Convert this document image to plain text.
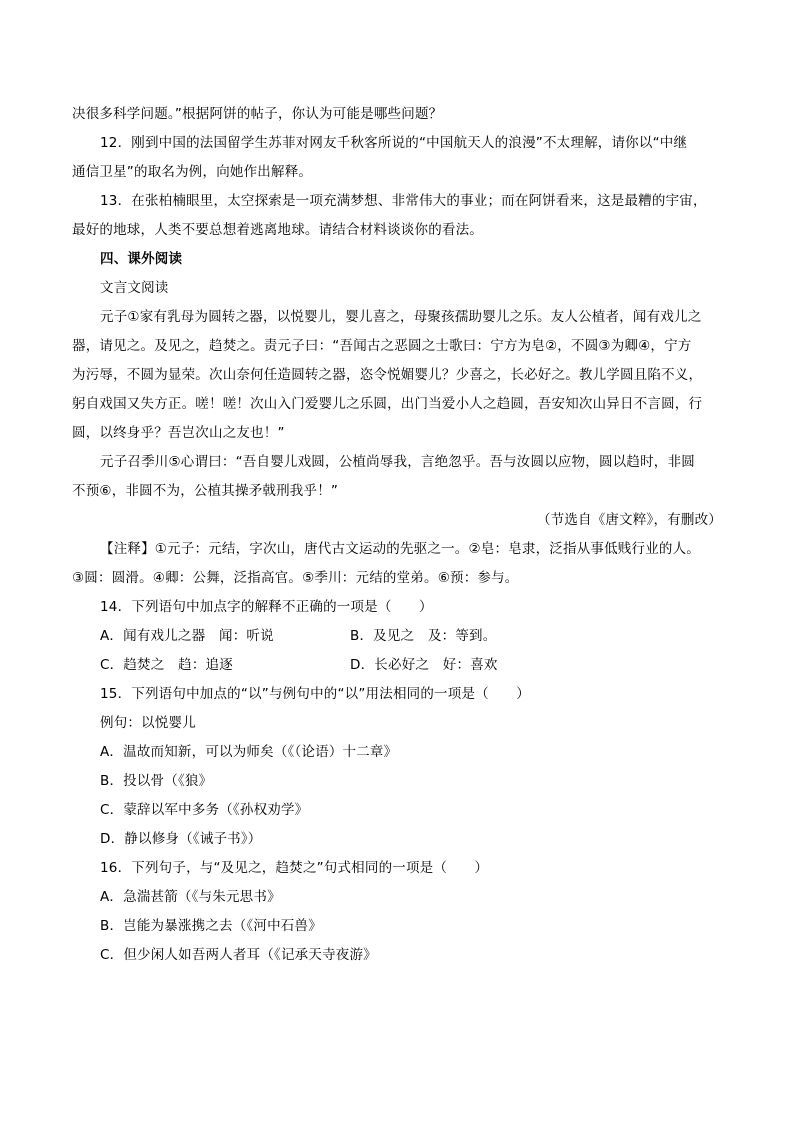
决很多科学问题。”根据阿饼的帖子，你认为可能是哪些问题？
12．刚到中国的法国留学生苏菲对网友千秋客所说的“中国航天人的浪漫”不太理解，请你以“中继
通信卫星”的取名为例，向她作出解释。
13．在张柏楠眼里，太空探索是一项充满梦想、非常伟大的事业；而在阿饼看来，这是最糟的宇宙，
最好的地球，人类不要总想着逃离地球。请结合材料谈谈你的看法。
四、课外阅读
文言文阅读
元子①家有乳母为圆转之器，以悦婴儿，婴儿喜之，母聚孩孺助婴儿之乐。友人公植者，闻有戏儿之
器，请见之。及见之，趋焚之。责元子曰：“吾闻古之恶圆之士歌曰：宁方为皂②，不圆③为卿④，宁方
为污辱，不圆为显荣。次山奈何任造圆转之器，恣令悦媚婴儿？少喜之，长必好之。教儿学圆且陷不义，
躬自戏国又失方正。嗟！嗟！次山入门爱婴儿之乐圆，出门当爱小人之趋圆，吾安知次山异日不言圆，行
圆，以终身乎？吾岂次山之友也！”
元子召季川⑤心谓曰：“吾自婴儿戏圆，公植尚辱我，言绝忽乎。吾与汝圆以应物，圆以趋时，非圆
不预⑥，非圆不为，公植其操矛戟刑我乎！”
（节选自《唐文粹》，有删改）
【注释】①元子：元结，字次山，唐代古文运动的先驱之一。②皂：皂隶，泛指从事低贱行业的人。
③圆：圆滑。④卿：公舞，泛指高官。⑤季川：元结的堂弟。⑥预：参与。
14．下列语句中加点字的解释不正确的一项是（　　）
A．闻有戏儿之器　闻：听说	B．及见之　及：等到。
C．趋焚之　趋：追逐	D．长必好之　好：喜欢
15．下列语句中加点的“以”与例句中的“以”用法相同的一项是（　　）
例句：以悦婴儿
A．温故而知新，可以为师矣（《（论语）十二章》
B．投以骨（《狼》
C．蒙辞以军中多务（《孙权劝学》
D．静以修身（《诫子书》）
16．下列句子，与“及见之，趋焚之”句式相同的一项是（　　）
A．急湍甚箭（《与朱元思书》
B．岂能为暴涨携之去（《河中石兽》
C．但少闲人如吾两人者耳（《记承天寺夜游》
